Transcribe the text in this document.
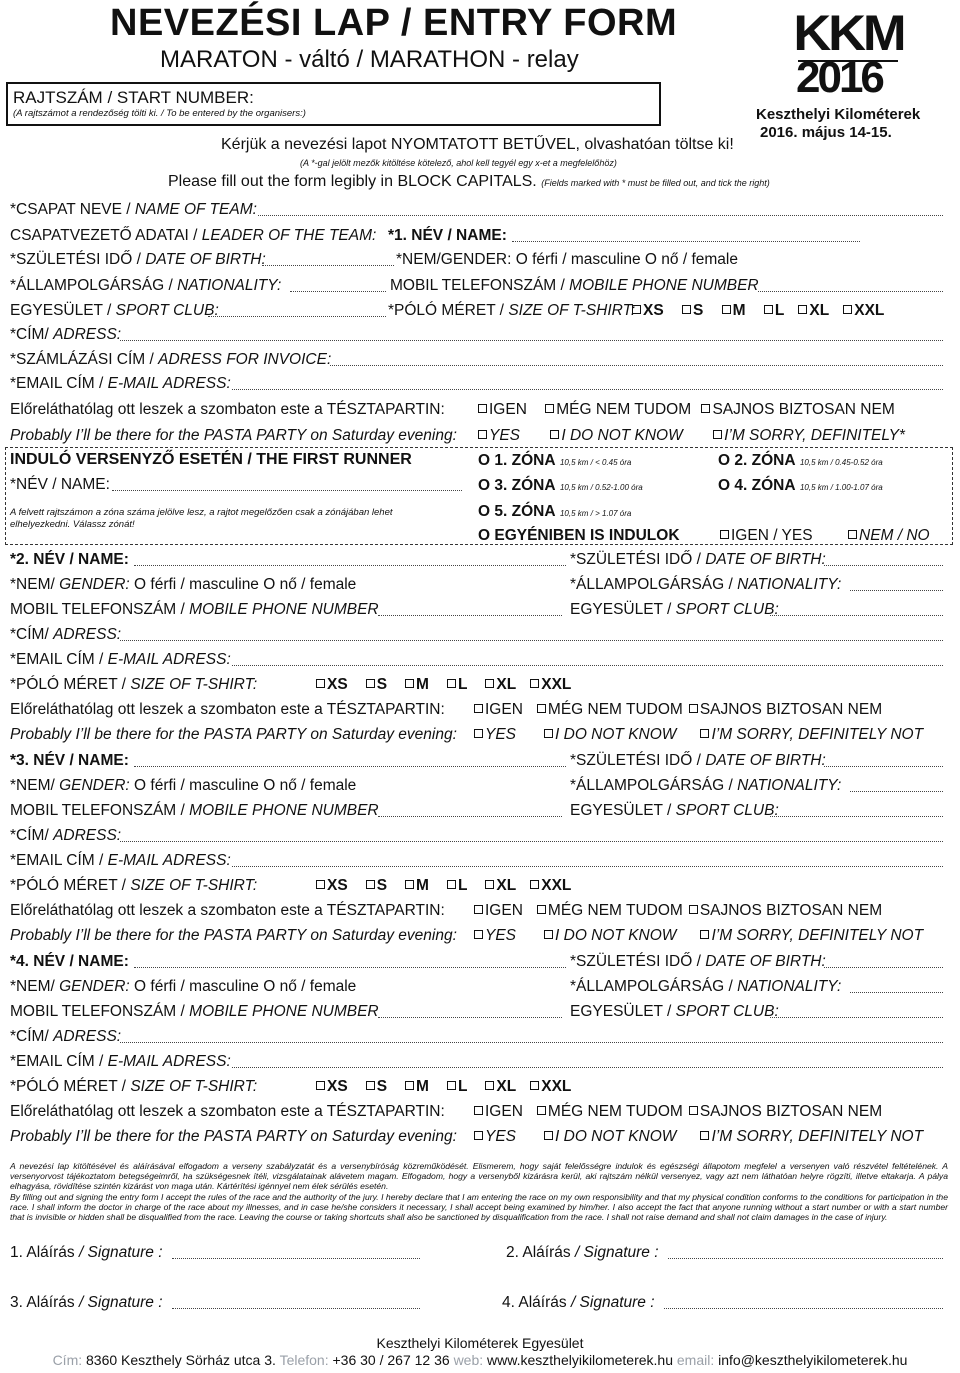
NEVEZÉSI LAP / ENTRY FORM
MARATON - váltó / MARATHON - relay
RAJTSZÁM / START NUMBER:
(A rajtszámot a rendezőség tölti ki. / To be entered by the organisers:)
Kérjük a nevezési lapot NYOMTATOTT BETŰVEL, olvashatóan töltse ki!
(A *-gal jelölt mezők kitöltése kötelező, ahol kell tegyél egy x-et a megfelelőhöz)
Please fill out the form legibly in BLOCK CAPITALS. (Fields marked with * must be filled out, and tick the right)
KKM
2016
Keszthelyi Kilométerek
2016. május 14-15.
*CSAPAT NEVE / NAME OF TEAM:
CSAPATVEZETŐ ADATAI / LEADER OF THE TEAM: *1. NÉV / NAME:
*SZÜLETÉSI IDŐ / DATE OF BIRTH:	*NEM/GENDER: O férfi / masculine O nő / female
*ÁLLAMPOLGÁRSÁG / NATIONALITY:	MOBIL TELEFONSZÁM / MOBILE PHONE NUMBER
EGYESÜLET / SPORT CLUB:	*PÓLÓ MÉRET / SIZE OF T-SHIRT: XS S M L XL XXL
*CÍM/ ADRESS:
*SZÁMLÁZÁSI CÍM / ADRESS FOR INVOICE:
*EMAIL CÍM / E-MAIL ADRESS:
Előreláthatólag ott leszek a szombaton este a TÉSZTAPARTIN:	IGEN MÉG NEM TUDOM SAJNOS BIZTOSAN NEM
Probably I’ll be there for the PASTA PARTY on Saturday evening:	YES	I DO NOT KNOW	I’M SORRY, DEFINITELY*
INDULÓ VERSENYZŐ ESETÉN / THE FIRST RUNNER
*NÉV / NAME:
A felvett rajtszámon a zóna száma jelölve lesz, a rajtot megelőzően csak a zónájában lehet elhelyezkedni. Válassz zónát!
O 1. ZÓNA 10,5 km / < 0.45 óra	O 2. ZÓNA 10,5 km / 0.45-0.52 óra
O 3. ZÓNA 10,5 km / 0.52-1.00 óra	O 4. ZÓNA 10,5 km / 1.00-1.07 óra
O 5. ZÓNA 10,5 km / > 1.07 óra
O EGYÉNIBEN IS INDULOK	IGEN / YES	NEM / NO
*2. NÉV / NAME:	*SZÜLETÉSI IDŐ / DATE OF BIRTH:
*NEM/ GENDER: O férfi / masculine O nő / female	*ÁLLAMPOLGÁRSÁG / NATIONALITY:
MOBIL TELEFONSZÁM / MOBILE PHONE NUMBER	EGYESÜLET / SPORT CLUB:
*CÍM/ ADRESS:
*EMAIL CÍM / E-MAIL ADRESS:
*PÓLÓ MÉRET / SIZE OF T-SHIRT:	XS S M L XL XXL
Előreláthatólag ott leszek a szombaton este a TÉSZTAPARTIN:	IGEN MÉG NEM TUDOM SAJNOS BIZTOSAN NEM
Probably I’ll be there for the PASTA PARTY on Saturday evening:	YES	I DO NOT KNOW I’M SORRY, DEFINITELY NOT
*3. NÉV / NAME:	*SZÜLETÉSI IDŐ / DATE OF BIRTH:
*NEM/ GENDER: O férfi / masculine O nő / female	*ÁLLAMPOLGÁRSÁG / NATIONALITY:
MOBIL TELEFONSZÁM / MOBILE PHONE NUMBER	EGYESÜLET / SPORT CLUB:
*CÍM/ ADRESS:
*EMAIL CÍM / E-MAIL ADRESS:
*PÓLÓ MÉRET / SIZE OF T-SHIRT:	XS S M L XL XXL
Előreláthatólag ott leszek a szombaton este a TÉSZTAPARTIN:	IGEN MÉG NEM TUDOM SAJNOS BIZTOSAN NEM
Probably I’ll be there for the PASTA PARTY on Saturday evening:	YES	I DO NOT KNOW I’M SORRY, DEFINITELY NOT
*4. NÉV / NAME:	*SZÜLETÉSI IDŐ / DATE OF BIRTH:
*NEM/ GENDER: O férfi / masculine O nő / female	*ÁLLAMPOLGÁRSÁG / NATIONALITY:
MOBIL TELEFONSZÁM / MOBILE PHONE NUMBER	EGYESÜLET / SPORT CLUB:
*CÍM/ ADRESS:
*EMAIL CÍM / E-MAIL ADRESS:
*PÓLÓ MÉRET / SIZE OF T-SHIRT:	XS S M L XL XXL
Előreláthatólag ott leszek a szombaton este a TÉSZTAPARTIN:	IGEN MÉG NEM TUDOM SAJNOS BIZTOSAN NEM
Probably I’ll be there for the PASTA PARTY on Saturday evening:	YES	I DO NOT KNOW I’M SORRY, DEFINITELY NOT
A nevezési lap kitöltésével és aláírásával elfogadom a verseny szabályzatát és a versenybíróság közreműködését. Elismerem, hogy saját felelősségre indulok és egészségi állapotom megfelel a versenyen való részvétel feltételének. A versenyorvost tájékoztatom betegségeimről, ha szükségesnek ítéli, vizsgálatainak alávetem magam. Elfogadom, hogy a versenyből kizárásra kerül, aki rajtszám nélkül versenyez, vagy azt nem láthatóan helyre rögzíti, illetve eltakarja. A pálya elhagyása, rövidítése szintén kizárást von maga után. Kártérítési igénnyel nem élek sérülés esetén.
By filling out and signing the entry form I accept the rules of the race and the authority of the jury. I hereby declare that I am entering the race on my own responsibility and that my physical condition conforms to the conditions for participation in the race. I shall inform the doctor in charge of the race about my illnesses, and in case he/she considers it necessary, I shall accept being examined by him/her. I also accept the fact that anyone running without a start number or with a start number that is invisible or hidden shall be disqualified from the race. Leaving the course or taking shortcuts shall also be sanctioned by disqualification from the race. I shall not raise demand and shall not claim damages in the case of injury.
1. Aláírás / Signature :	2. Aláírás / Signature :
3. Aláírás / Signature :	4. Aláírás / Signature :
Keszthelyi Kilométerek Egyesület
Cím: 8360 Keszthely Sörház utca 3. Telefon: +36 30 / 267 12 36 web: www.keszthelyikilometerek.hu email: info@keszthelyikilometerek.hu
